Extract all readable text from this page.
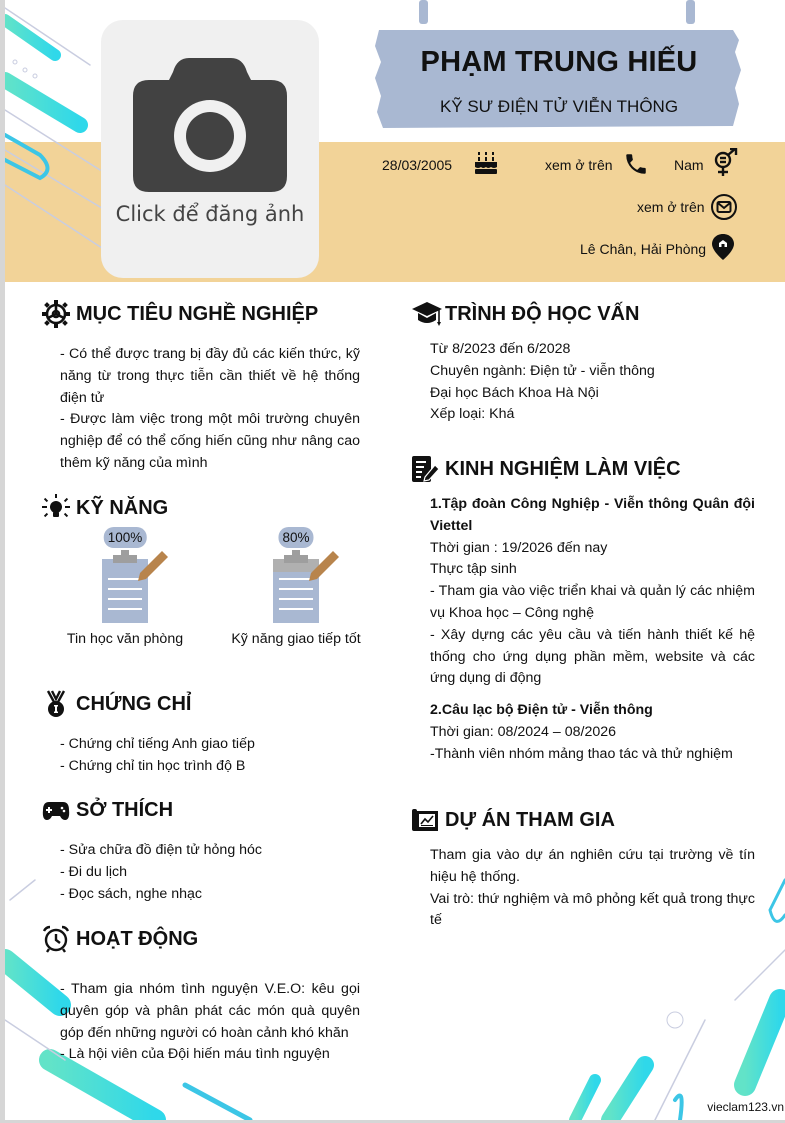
Click để đăng ảnh
PHẠM TRUNG HIẾU
KỸ SƯ ĐIỆN TỬ VIỄN THÔNG
28/03/2005	xem ở trên	Nam
xem ở trên
Lê Chân, Hải Phòng
MỤC TIÊU NGHỀ NGHIỆP
- Có thể được trang bị đầy đủ các kiến thức, kỹ năng từ trong thực tiễn cần thiết về hệ thống điện tử
- Được làm việc trong một môi trường chuyên nghiệp để có thể cống hiến cũng như nâng cao thêm kỹ năng của mình
KỸ NĂNG
100%
Tin học văn phòng
80%
Kỹ năng giao tiếp tốt
CHỨNG CHỈ
- Chứng chỉ tiếng Anh giao tiếp
- Chứng chỉ tin học trình độ B
SỞ THÍCH
- Sửa chữa đồ điện tử hỏng hóc
- Đi du lịch
- Đọc sách, nghe nhạc
HOẠT ĐỘNG
- Tham gia nhóm tình nguyện V.E.O: kêu gọi quyên góp và phân phát các món quà quyên góp đến những người có hoàn cảnh khó khăn
- Là hội viên của Đội hiến máu tình nguyện
TRÌNH ĐỘ HỌC VẤN
Từ 8/2023 đến 6/2028
Chuyên ngành: Điện tử - viễn thông
Đại học Bách Khoa Hà Nội
Xếp loại: Khá
KINH NGHIỆM LÀM VIỆC
1.Tập đoàn Công Nghiệp - Viễn thông Quân đội Viettel
Thời gian : 19/2026 đến nay
Thực tập sinh
- Tham gia vào việc triển khai và quản lý các nhiệm vụ Khoa học – Công nghệ
- Xây dựng các yêu cầu và tiến hành thiết kế hệ thống cho ứng dụng phần mềm, website và các ứng dụng di động
2.Câu lạc bộ Điện tử - Viễn thông
Thời gian: 08/2024 – 08/2026
-Thành viên nhóm mảng thao tác và thử nghiệm
DỰ ÁN THAM GIA
Tham gia vào dự án nghiên cứu tại trường về tín hiệu hệ thống.
Vai trò: thứ nghiệm và mô phỏng kết quả trong thực tế
vieclam123.vn
